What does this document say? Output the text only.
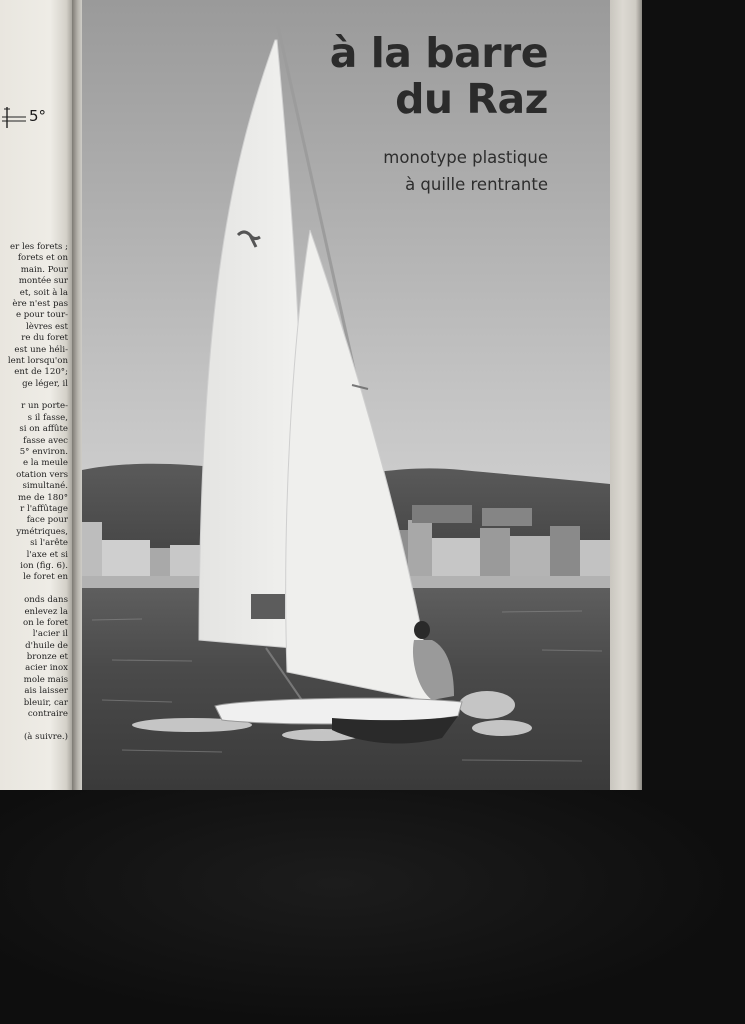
5°
er les forets ;
forets et on
main. Pour
montée sur
et, soit à la
ère n'est pas
e pour tour-
lèvres est
re du foret
est une héli-
lent lorsqu'on
ent de 120°;
ge léger, il
r un porte-
s il fasse,
si on affûte
fasse avec
5° environ.
e la meule
otation vers
simultané.
me de 180°
r l'affûtage
face pour
ymétriques,
si l'arête
l'axe et si
ion (fig. 6).
le foret en
onds dans
enlevez la
on le foret
l'acier il
d'huile de
bronze et
acier inox
mole mais
ais laisser
bleuir, car
contraire
(à suivre.)
à la barre
du Raz
monotype plastique
à quille rentrante
